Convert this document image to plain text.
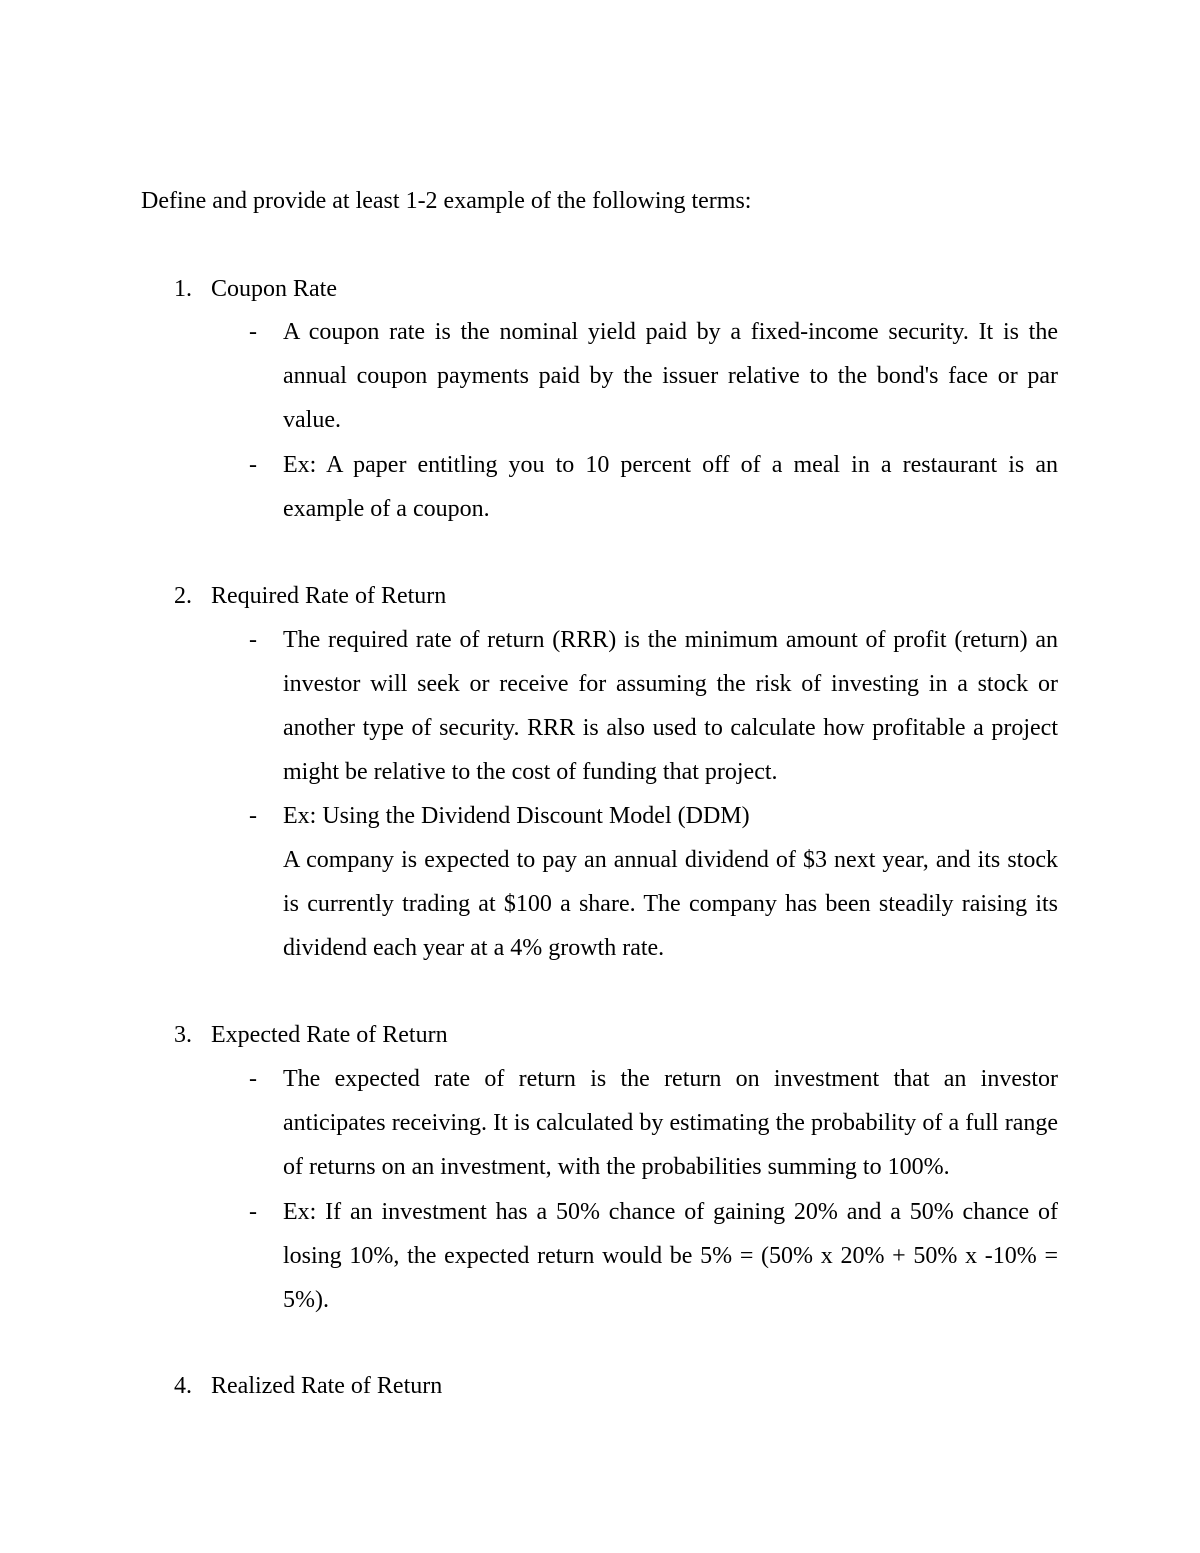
Define and provide at least 1-2 example of the following terms:
1. Coupon Rate
- A coupon rate is the nominal yield paid by a fixed-income security. It is the annual coupon payments paid by the issuer relative to the bond's face or par value.

- Ex: A paper entitling you to 10 percent off of a meal in a restaurant is an example of a coupon.

2. Required Rate of Return
- The required rate of return (RRR) is the minimum amount of profit (return) an investor will seek or receive for assuming the risk of investing in a stock or another type of security. RRR is also used to calculate how profitable a project might be relative to the cost of funding that project.

- Ex: Using the Dividend Discount Model (DDM)

A company is expected to pay an annual dividend of $3 next year, and its stock is currently trading at $100 a share. The company has been steadily raising its dividend each year at a 4% growth rate.

3. Expected Rate of Return
- The expected rate of return is the return on investment that an investor anticipates receiving. It is calculated by estimating the probability of a full range of returns on an investment, with the probabilities summing to 100%.

- Ex: If an investment has a 50% chance of gaining 20% and a 50% chance of losing 10%, the expected return would be 5% = (50% x 20% + 50% x -10% = 5%).

4. Realized Rate of Return
